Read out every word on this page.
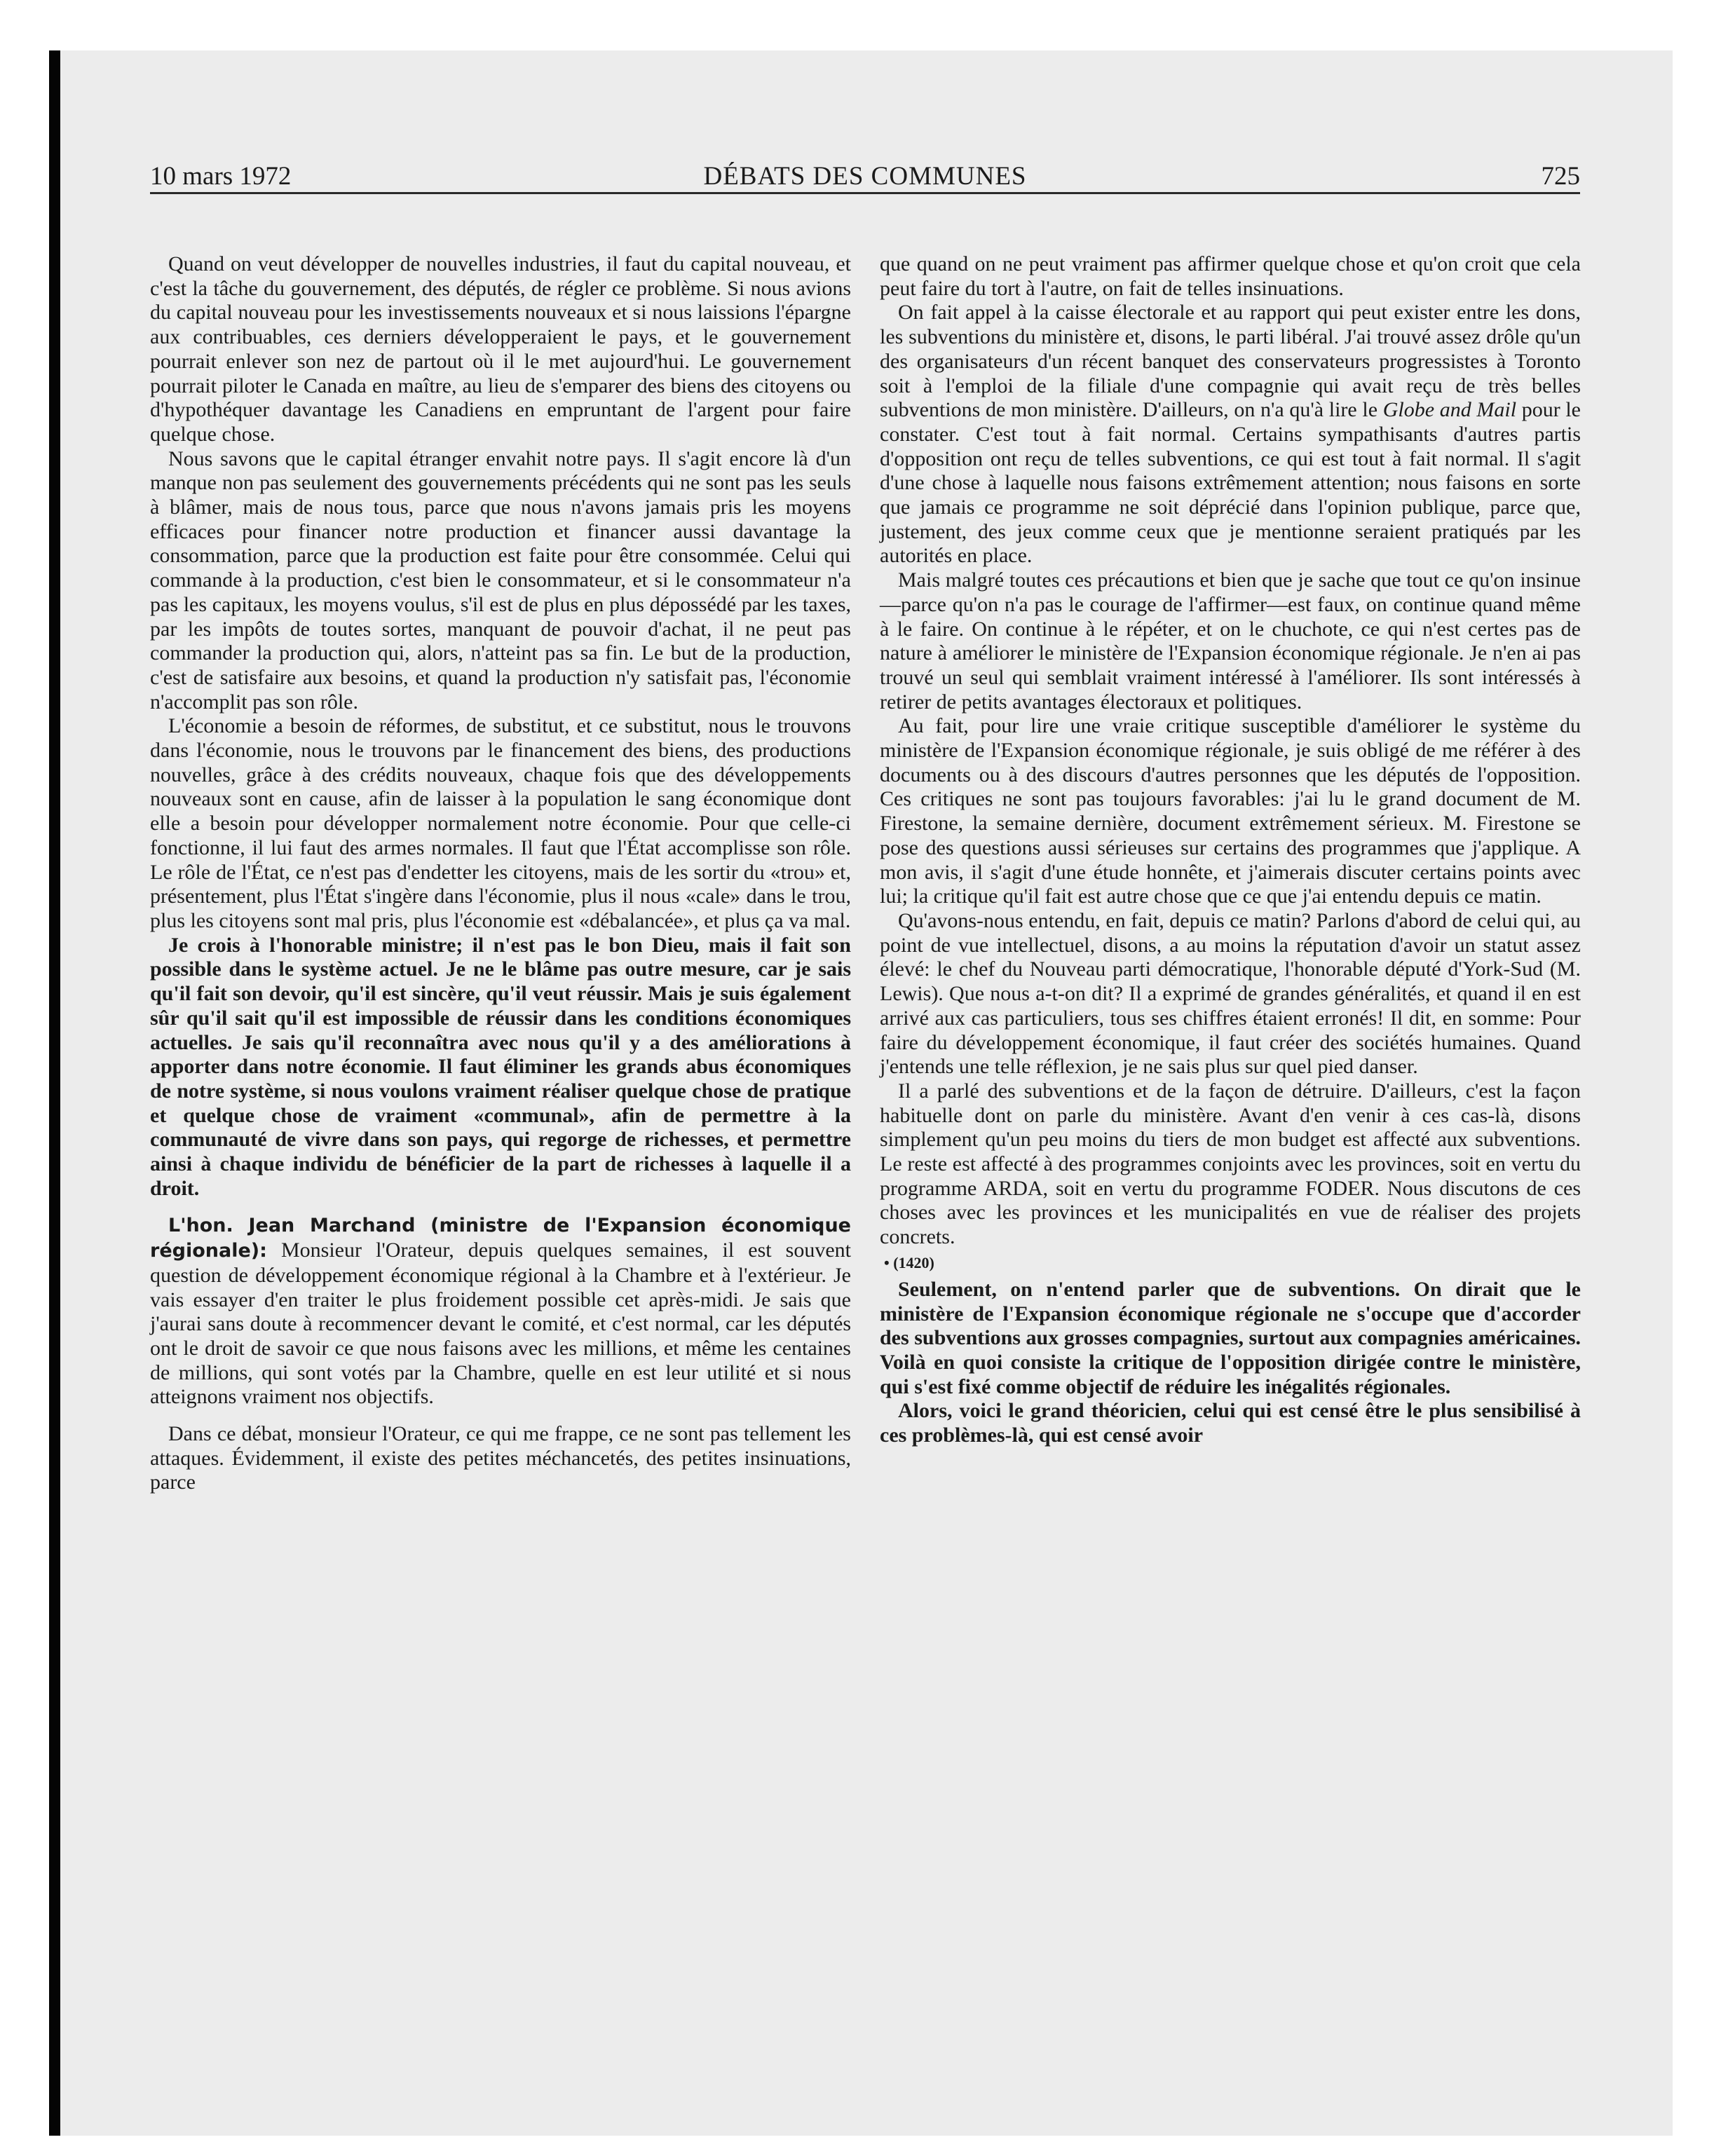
10 mars 1972	DÉBATS DES COMMUNES	725

Quand on veut développer de nouvelles industries, il faut du capital nouveau, et c'est la tâche du gouvernement, des députés, de régler ce problème. Si nous avions du capital nouveau pour les investissements nouveaux et si nous laissions l'épargne aux contribuables, ces derniers développeraient le pays, et le gouvernement pourrait enlever son nez de partout où il le met aujourd'hui. Le gouvernement pourrait piloter le Canada en maître, au lieu de s'emparer des biens des citoyens ou d'hypothéquer davantage les Canadiens en empruntant de l'argent pour faire quelque chose.

Nous savons que le capital étranger envahit notre pays. Il s'agit encore là d'un manque non pas seulement des gouvernements précédents qui ne sont pas les seuls à blâmer, mais de nous tous, parce que nous n'avons jamais pris les moyens efficaces pour financer notre production et financer aussi davantage la consommation, parce que la production est faite pour être consommée. Celui qui commande à la production, c'est bien le consommateur, et si le consommateur n'a pas les capitaux, les moyens voulus, s'il est de plus en plus dépossédé par les taxes, par les impôts de toutes sortes, manquant de pouvoir d'achat, il ne peut pas commander la production qui, alors, n'atteint pas sa fin. Le but de la production, c'est de satisfaire aux besoins, et quand la production n'y satisfait pas, l'économie n'accomplit pas son rôle.

L'économie a besoin de réformes, de substitut, et ce substitut, nous le trouvons dans l'économie, nous le trouvons par le financement des biens, des productions nouvelles, grâce à des crédits nouveaux, chaque fois que des développements nouveaux sont en cause, afin de laisser à la population le sang économique dont elle a besoin pour développer normalement notre économie. Pour que celle-ci fonctionne, il lui faut des armes normales. Il faut que l'État accomplisse son rôle. Le rôle de l'État, ce n'est pas d'endetter les citoyens, mais de les sortir du «trou» et, présentement, plus l'État s'ingère dans l'économie, plus il nous «cale» dans le trou, plus les citoyens sont mal pris, plus l'économie est «débalancée», et plus ça va mal.

Je crois à l'honorable ministre; il n'est pas le bon Dieu, mais il fait son possible dans le système actuel. Je ne le blâme pas outre mesure, car je sais qu'il fait son devoir, qu'il est sincère, qu'il veut réussir. Mais je suis également sûr qu'il sait qu'il est impossible de réussir dans les conditions économiques actuelles. Je sais qu'il reconnaîtra avec nous qu'il y a des améliorations à apporter dans notre économie. Il faut éliminer les grands abus économiques de notre système, si nous voulons vraiment réaliser quelque chose de pratique et quelque chose de vraiment «communal», afin de permettre à la communauté de vivre dans son pays, qui regorge de richesses, et permettre ainsi à chaque individu de bénéficier de la part de richesses à laquelle il a droit.

L'hon. Jean Marchand (ministre de l'Expansion économique régionale): Monsieur l'Orateur, depuis quelques semaines, il est souvent question de développement économique régional à la Chambre et à l'extérieur. Je vais essayer d'en traiter le plus froidement possible cet après-midi. Je sais que j'aurai sans doute à recommencer devant le comité, et c'est normal, car les députés ont le droit de savoir ce que nous faisons avec les millions, et même les centaines de millions, qui sont votés par la Chambre, quelle en est leur utilité et si nous atteignons vraiment nos objectifs.

Dans ce débat, monsieur l'Orateur, ce qui me frappe, ce ne sont pas tellement les attaques. Évidemment, il existe des petites méchancetés, des petites insinuations, parce

que quand on ne peut vraiment pas affirmer quelque chose et qu'on croit que cela peut faire du tort à l'autre, on fait de telles insinuations.

On fait appel à la caisse électorale et au rapport qui peut exister entre les dons, les subventions du ministère et, disons, le parti libéral. J'ai trouvé assez drôle qu'un des organisateurs d'un récent banquet des conservateurs progressistes à Toronto soit à l'emploi de la filiale d'une compagnie qui avait reçu de très belles subventions de mon ministère. D'ailleurs, on n'a qu'à lire le Globe and Mail pour le constater. C'est tout à fait normal. Certains sympathisants d'autres partis d'opposition ont reçu de telles subventions, ce qui est tout à fait normal. Il s'agit d'une chose à laquelle nous faisons extrêmement attention; nous faisons en sorte que jamais ce programme ne soit déprécié dans l'opinion publique, parce que, justement, des jeux comme ceux que je mentionne seraient pratiqués par les autorités en place.

Mais malgré toutes ces précautions et bien que je sache que tout ce qu'on insinue—parce qu'on n'a pas le courage de l'affirmer—est faux, on continue quand même à le faire. On continue à le répéter, et on le chuchote, ce qui n'est certes pas de nature à améliorer le ministère de l'Expansion économique régionale. Je n'en ai pas trouvé un seul qui semblait vraiment intéressé à l'améliorer. Ils sont intéressés à retirer de petits avantages électoraux et politiques.

Au fait, pour lire une vraie critique susceptible d'améliorer le système du ministère de l'Expansion économique régionale, je suis obligé de me référer à des documents ou à des discours d'autres personnes que les députés de l'opposition. Ces critiques ne sont pas toujours favorables: j'ai lu le grand document de M. Firestone, la semaine dernière, document extrêmement sérieux. M. Firestone se pose des questions aussi sérieuses sur certains des programmes que j'applique. A mon avis, il s'agit d'une étude honnête, et j'aimerais discuter certains points avec lui; la critique qu'il fait est autre chose que ce que j'ai entendu depuis ce matin.

Qu'avons-nous entendu, en fait, depuis ce matin? Parlons d'abord de celui qui, au point de vue intellectuel, disons, a au moins la réputation d'avoir un statut assez élevé: le chef du Nouveau parti démocratique, l'honorable député d'York-Sud (M. Lewis). Que nous a-t-on dit? Il a exprimé de grandes généralités, et quand il en est arrivé aux cas particuliers, tous ses chiffres étaient erronés! Il dit, en somme: Pour faire du développement économique, il faut créer des sociétés humaines. Quand j'entends une telle réflexion, je ne sais plus sur quel pied danser.

Il a parlé des subventions et de la façon de détruire. D'ailleurs, c'est la façon habituelle dont on parle du ministère. Avant d'en venir à ces cas-là, disons simplement qu'un peu moins du tiers de mon budget est affecté aux subventions. Le reste est affecté à des programmes conjoints avec les provinces, soit en vertu du programme ARDA, soit en vertu du programme FODER. Nous discutons de ces choses avec les provinces et les municipalités en vue de réaliser des projets concrets.

• (1420)

Seulement, on n'entend parler que de subventions. On dirait que le ministère de l'Expansion économique régionale ne s'occupe que d'accorder des subventions aux grosses compagnies, surtout aux compagnies américaines. Voilà en quoi consiste la critique de l'opposition dirigée contre le ministère, qui s'est fixé comme objectif de réduire les inégalités régionales.

Alors, voici le grand théoricien, celui qui est censé être le plus sensibilisé à ces problèmes-là, qui est censé avoir
